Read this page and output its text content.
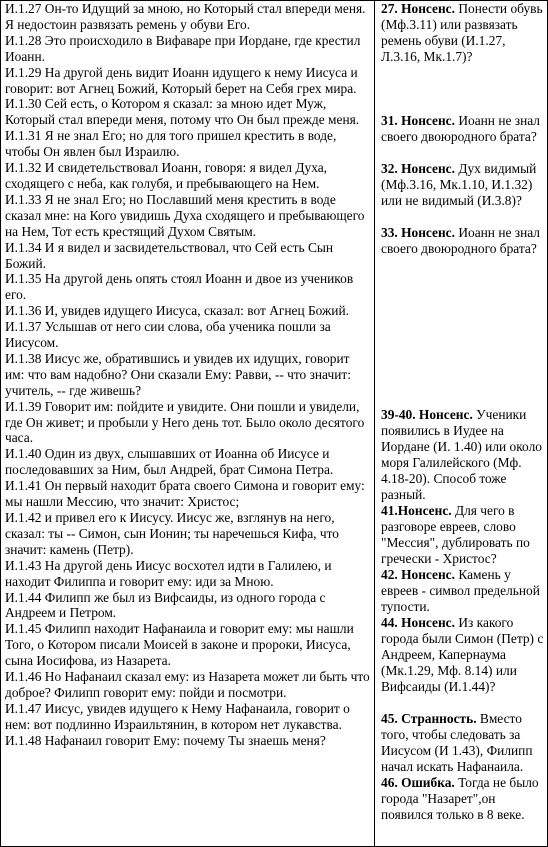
И.1.27 Он-то Идущий за мною, но Который стал впереди меня. Я недостоин развязать ремень у обуви Его.

И.1.28 Это происходило в Вифаваре при Иордане, где крестил Иоанн.

И.1.29 На другой день видит Иоанн идущего к нему Иисуса и говорит: вот Агнец Божий, Который берет на Себя грех мира.

И.1.30 Сей есть, о Котором я сказал: за мною идет Муж, Который стал впереди меня, потому что Он был прежде меня.

И.1.31 Я не знал Его; но для того пришел крестить в воде, чтобы Он явлен был Израилю.

И.1.32 И свидетельствовал Иоанн, говоря: я видел Духа, сходящего с неба, как голубя, и пребывающего на Нем.

И.1.33 Я не знал Его; но Пославший меня крестить в воде сказал мне: на Кого увидишь Духа сходящего и пребывающего на Нем, Тот есть крестящий Духом Святым.

И.1.34 И я видел и засвидетельствовал, что Сей есть Сын Божий.

И.1.35 На другой день опять стоял Иоанн и двое из учеников его.

И.1.36 И, увидев идущего Иисуса, сказал: вот Агнец Божий.

И.1.37 Услышав от него сии слова, оба ученика пошли за Иисусом.

И.1.38 Иисус же, обратившись и увидев их идущих, говорит им: что вам надобно? Они сказали Ему: Равви, -- что значит: учитель, -- где живешь?

И.1.39 Говорит им: пойдите и увидите. Они пошли и увидели, где Он живет; и пробыли у Него день тот. Было около десятого часа.

И.1.40 Один из двух, слышавших от Иоанна об Иисусе и последовавших за Ним, был Андрей, брат Симона Петра.

И.1.41 Он первый находит брата своего Симона и говорит ему: мы нашли Мессию, что значит: Христос;

И.1.42 и привел его к Иисусу. Иисус же, взглянув на него, сказал: ты -- Симон, сын Ионин; ты наречешься Кифа, что значит: камень (Петр).

И.1.43 На другой день Иисус восхотел идти в Галилею, и находит Филиппа и говорит ему: иди за Мною.

И.1.44 Филипп же был из Вифсаиды, из одного города с Андреем и Петром.

И.1.45 Филипп находит Нафанаила и говорит ему: мы нашли Того, о Котором писали Моисей в законе и пророки, Иисуса, сына Иосифова, из Назарета.

И.1.46 Но Нафанаил сказал ему: из Назарета может ли быть что доброе? Филипп говорит ему: пойди и посмотри.

И.1.47 Иисус, увидев идущего к Нему Нафанаила, говорит о нем: вот подлинно Израильтянин, в котором нет лукавства.

И.1.48 Нафанаил говорит Ему: почему Ты знаешь меня?

27. Нонсенс. Понести обувь (Мф.3.11) или развязать ремень обуви (И.1.27, Л.3.16, Мк.1.7)?

31. Нонсенс. Иоанн не знал своего двоюродного брата?

32. Нонсенс. Дух видимый (Мф.3.16, Мк.1.10, И.1.32) или не видимый (И.3.8)?

33. Нонсенс. Иоанн не знал своего двоюродного брата?

39-40. Нонсенс. Ученики появились в Иудее на Иордане (И. 1.40) или около моря Галилейского (Мф. 4.18-20). Способ тоже разный.

41.Нонсенс. Для чего в разговоре евреев, слово "Мессия", дублировать по гречески - Христос?

42. Нонсенс. Камень у евреев - символ предельной тупости.

44. Нонсенс. Из какого города были Симон (Петр) с Андреем, Капернаума (Мк.1.29, Мф. 8.14) или Вифсаиды (И.1.44)?

45. Странность. Вместо того, чтобы следовать за Иисусом (И 1.43), Филипп начал искать Нафанаила.

46. Ошибка. Тогда не было города "Назарет",он появился только в 8 веке.
